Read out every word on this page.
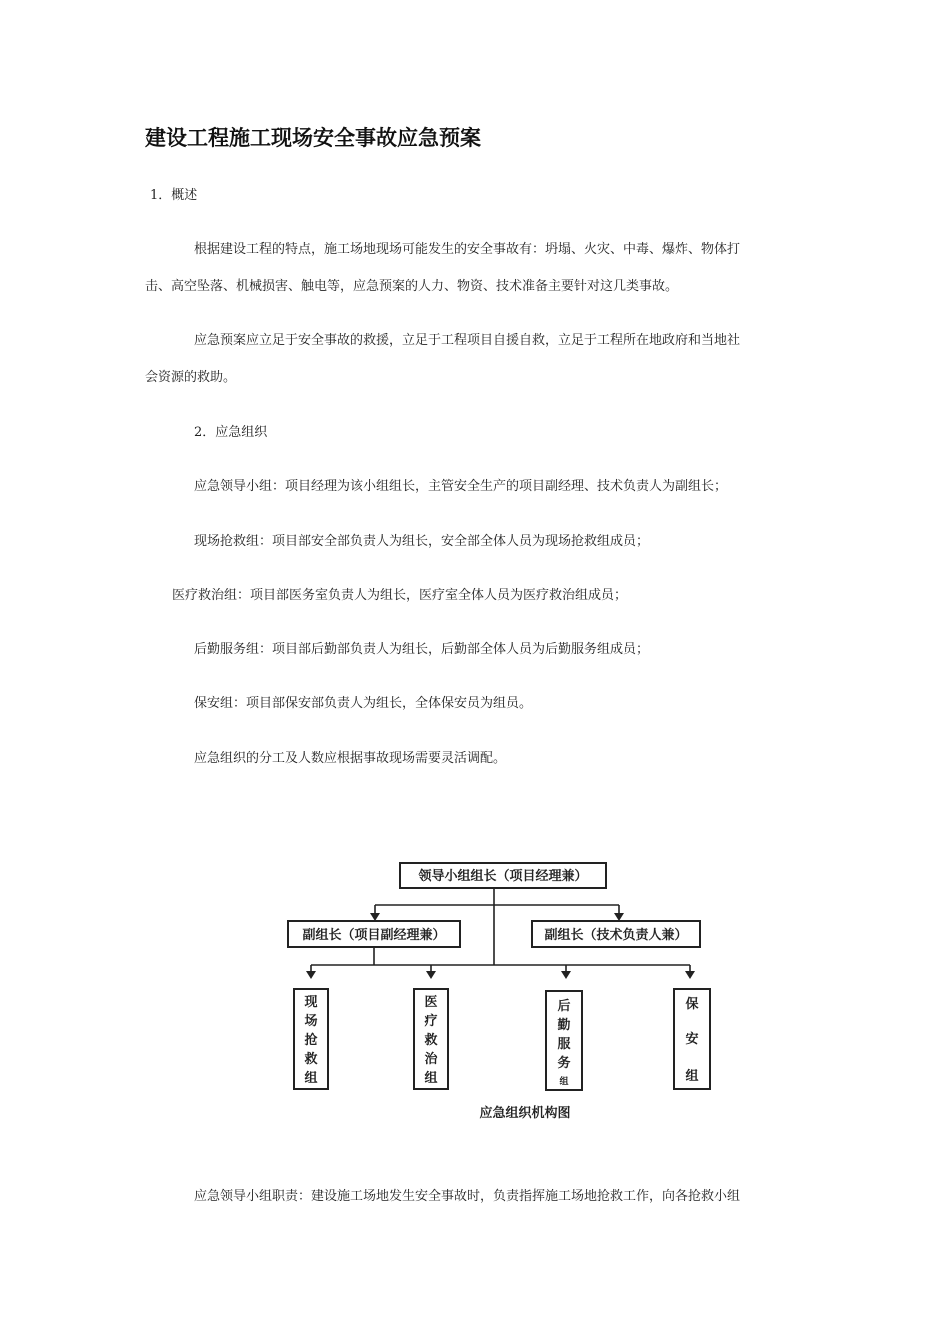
建设工程施工现场安全事故应急预案
1．概述
根据建设工程的特点，施工场地现场可能发生的安全事故有：坍塌、火灾、中毒、爆炸、物体打
击、高空坠落、机械损害、触电等，应急预案的人力、物资、技术准备主要针对这几类事故。
应急预案应立足于安全事故的救援，立足于工程项目自援自救，立足于工程所在地政府和当地社
会资源的救助。
2．应急组织
应急领导小组：项目经理为该小组组长，主管安全生产的项目副经理、技术负责人为副组长；
现场抢救组：项目部安全部负责人为组长，安全部全体人员为现场抢救组成员；
医疗救治组：项目部医务室负责人为组长，医疗室全体人员为医疗救治组成员；
后勤服务组：项目部后勤部负责人为组长，后勤部全体人员为后勤服务组成员；
保安组：项目部保安部负责人为组长，全体保安员为组员。
应急组织的分工及人数应根据事故现场需要灵活调配。
领导小组组长（项目经理兼）
副组长（项目副经理兼）	副组长（技术负责人兼）
现
场
抢
救
组
医
疗
救
治
组
后
勤
服
务
组
保
安
组
应急组织机构图
应急领导小组职责：建设施工场地发生安全事故时，负责指挥施工场地抢救工作，向各抢救小组
